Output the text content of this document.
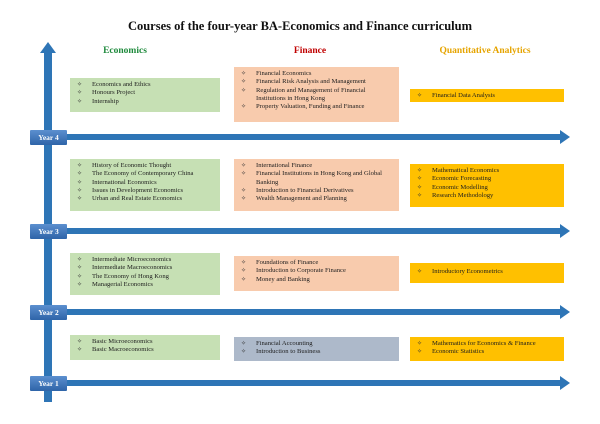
Courses of the four-year BA-Economics and Finance curriculum
Economics	Finance	Quantitative Analytics
Year 4
Year 3
Year 2
Year 1
✧ Economics and Ethics
✧ Honours Project
✧ Internship
✧ Financial Economics
✧ Financial Risk Analysis and Management
✧ Regulation and Management of Financial Institutions in Hong Kong
✧ Property Valuation, Funding and Finance
✧ Financial Data Analysis
✧ History of Economic Thought
✧ The Economy of Contemporary China
✧ International Economics
✧ Issues in Development Economics
✧ Urban and Real Estate Economics
✧ International Finance
✧ Financial Institutions in Hong Kong and Global Banking
✧ Introduction to Financial Derivatives
✧ Wealth Management and Planning
✧ Mathematical Economics
✧ Economic Forecasting
✧ Economic Modelling
✧ Research Methodology
✧ Intermediate Microeconomics
✧ Intermediate Macroeconomics
✧ The Economy of Hong Kong
✧ Managerial Economics
✧ Foundations of Finance
✧ Introduction to Corporate Finance
✧ Money and Banking
✧ Introductory Econometrics
✧ Basic Microeconomics
✧ Basic Macroeconomics
✧ Financial Accounting
✧ Introduction to Business
✧ Mathematics for Economics & Finance
✧ Economic Statistics
